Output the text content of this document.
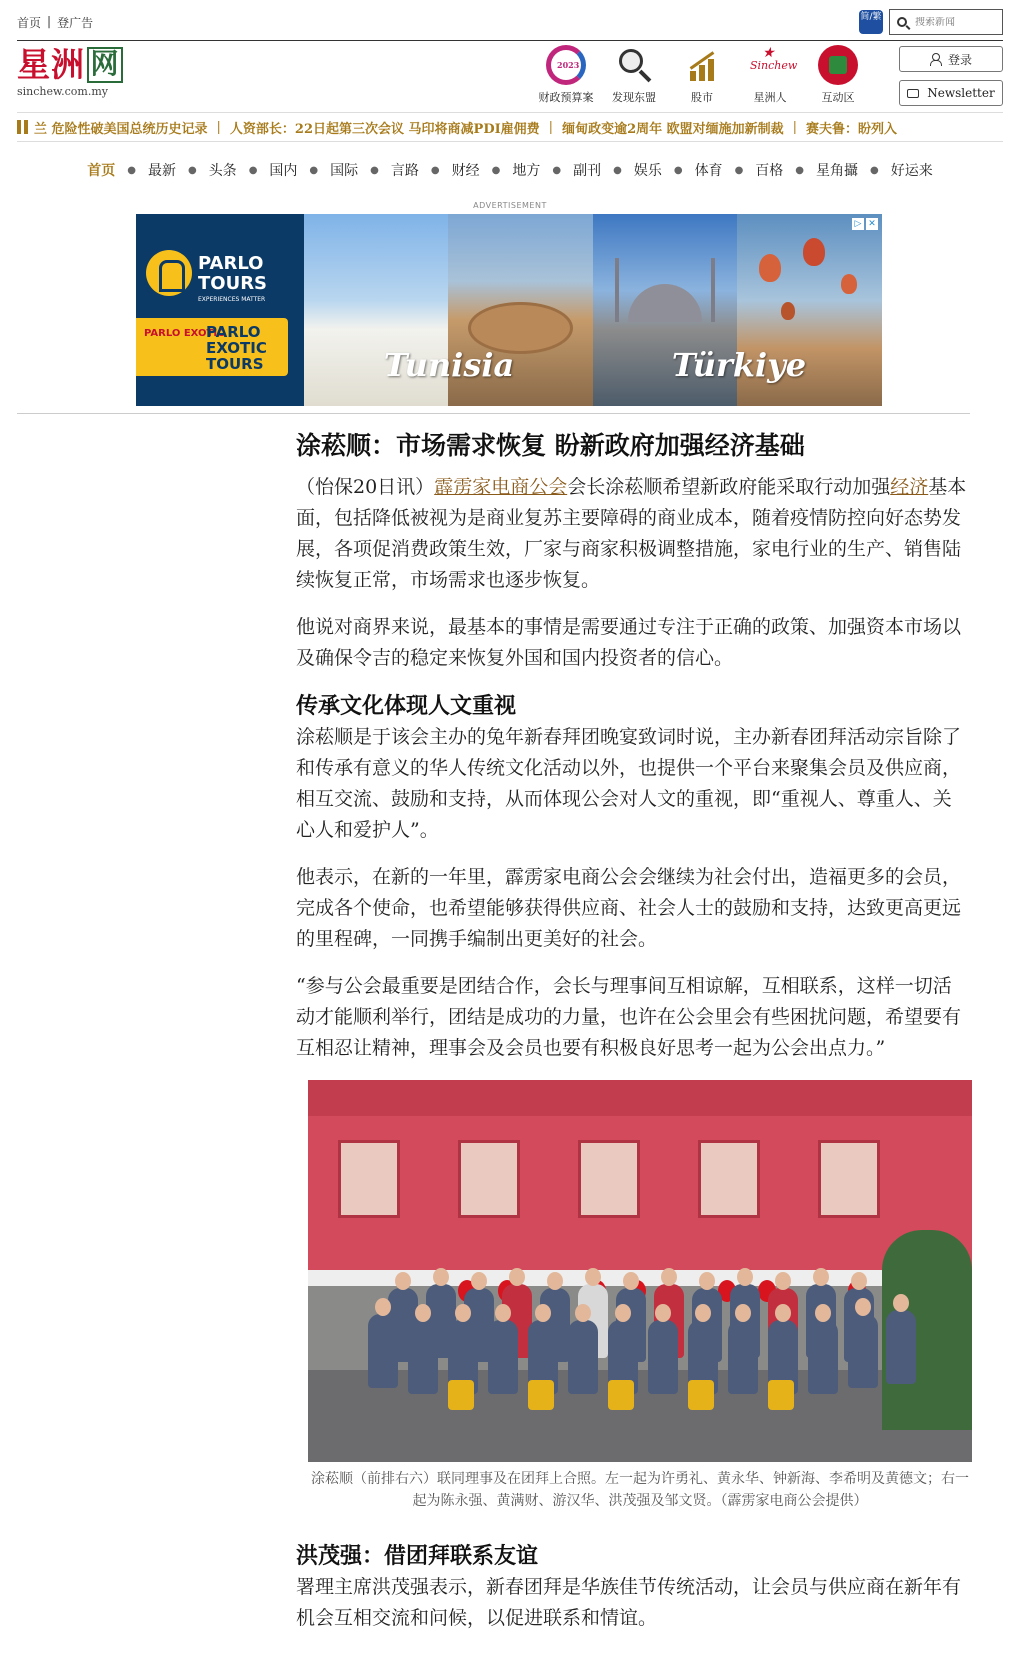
首页 | 登广告	简/繁
搜索新闻
星洲 网
sinchew.com.my
2023	财政预算案	发现东盟	股市
★ Sinchew
星洲人	互动区
登录
Newsletter
兰 危险性破美国总统历史记录 | 人资部长：22日起第三次会议 马印将商减PDI雇佣费 | 缅甸政变逾2周年 欧盟对缅施加新制裁 | 赛夫鲁：盼列入
首页 ● 最新 ● 头条 ● 国内 ● 国际 ● 言路 ● 财经 ● 地方 ● 副刊 ● 娱乐 ● 体育 ● 百格 ● 星角攝 ● 好运来
ADVERTISEMENT
PARLO TOURS
EXPERIENCES MATTER
PARLO EXOTIC
PARLO EXOTIC TOURS	Tunisia	Türkiye
▷ ✕
涂菘顺：市场需求恢复 盼新政府加强经济基础

（怡保20日讯）霹雳家电商公会会长涂菘顺希望新政府能采取行动加强经济基本面，包括降低被视为是商业复苏主要障碍的商业成本，随着疫情防控向好态势发展，各项促消费政策生效，厂家与商家积极调整措施，家电行业的生产、销售陆续恢复正常，市场需求也逐步恢复。

他说对商界来说，最基本的事情是需要通过专注于正确的政策、加强资本市场以及确保令吉的稳定来恢复外国和国内投资者的信心。

传承文化体现人文重视

涂菘顺是于该会主办的兔年新春拜团晚宴致词时说，主办新春团拜活动宗旨除了和传承有意义的华人传统文化活动以外，也提供一个平台来聚集会员及供应商，相互交流、鼓励和支持，从而体现公会对人文的重视，即“重视人、尊重人、关心人和爱护人”。

他表示，在新的一年里，霹雳家电商公会会继续为社会付出，造福更多的会员，完成各个使命，也希望能够获得供应商、社会人士的鼓励和支持，达致更高更远的里程碑，一同携手编制出更美好的社会。

“参与公会最重要是团结合作，会长与理事间互相谅解，互相联系，这样一切活动才能顺利举行，团结是成功的力量，也许在公会里会有些困扰问题，希望要有互相忍让精神，理事会及会员也要有积极良好思考一起为公会出点力。”

涂菘顺（前排右六）联同理事及在团拜上合照。左一起为许勇礼、黄永华、钟新海、李希明及黄德文；右一起为陈永强、黄满财、游汉华、洪茂强及邹文贤。（霹雳家电商公会提供）
洪茂强：借团拜联系友谊

署理主席洪茂强表示，新春团拜是华族佳节传统活动，让会员与供应商在新年有机会互相交流和问候，以促进联系和情谊。
